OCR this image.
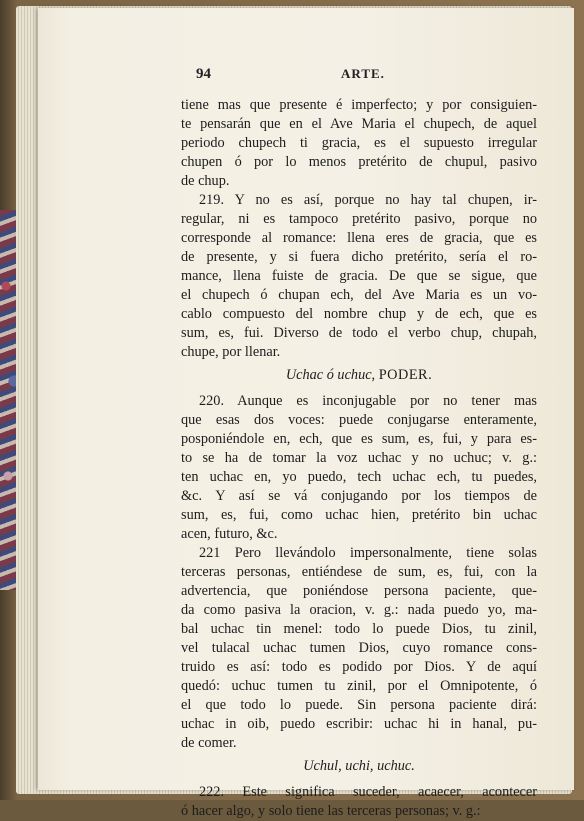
94	ARTE.
tiene mas que presente é imperfecto; y por consiguien-
te pensarán que en el Ave Maria el chupech, de aquel
periodo chupech ti gracia, es el supuesto irregular
chupen ó por lo menos pretérito de chupul, pasivo
de chup.
219. Y no es así, porque no hay tal chupen, ir-
regular, ni es tampoco pretérito pasivo, porque no
corresponde al romance: llena eres de gracia, que es
de presente, y si fuera dicho pretérito, sería el ro-
mance, llena fuiste de gracia. De que se sigue, que
el chupech ó chupan ech, del Ave Maria es un vo-
cablo compuesto del nombre chup y de ech, que es
sum, es, fui. Diverso de todo el verbo chup, chupah,
chupe, por llenar.
Uchac ó uchuc, PODER.
220. Aunque es inconjugable por no tener mas
que esas dos voces: puede conjugarse enteramente,
posponiéndole en, ech, que es sum, es, fui, y para es-
to se ha de tomar la voz uchac y no uchuc; v. g.:
ten uchac en, yo puedo, tech uchac ech, tu puedes,
&c. Y así se vá conjugando por los tiempos de
sum, es, fui, como uchac hien, pretérito bin uchac
acen, futuro, &c.
221 Pero llevándolo impersonalmente, tiene solas
terceras personas, entiéndese de sum, es, fui, con la
advertencia, que poniéndose persona paciente, que-
da como pasiva la oracion, v. g.: nada puedo yo, ma-
bal uchac tin menel: todo lo puede Dios, tu zinil,
vel tulacal uchac tumen Dios, cuyo romance cons-
truido es así: todo es podido por Dios. Y de aquí
quedó: uchuc tumen tu zinil, por el Omnipotente, ó
el que todo lo puede. Sin persona paciente dirá:
uchac in oib, puedo escribir: uchac hi in hanal, pu-
de comer.
Uchul, uchi, uchuc.
222. Este significa suceder, acaecer, acontecer
ó hacer algo, y solo tiene las terceras personas; v. g.:
